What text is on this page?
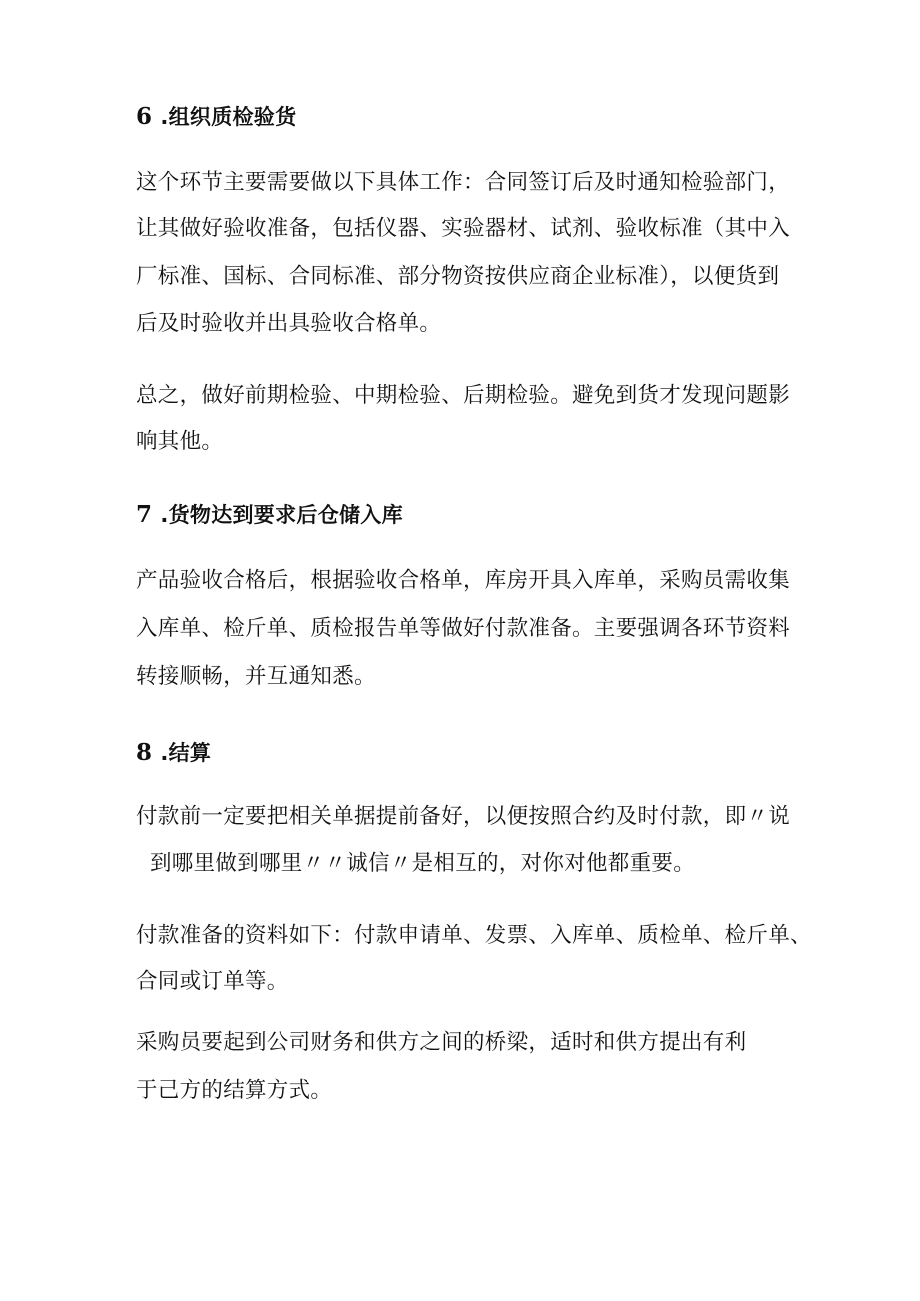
6 .组织质检验货
这个环节主要需要做以下具体工作：合同签订后及时通知检验部门，
让其做好验收准备，包括仪器、实验器材、试剂、验收标准（其中入
厂标准、国标、合同标准、部分物资按供应商企业标准），以便货到
后及时验收并出具验收合格单。
总之，做好前期检验、中期检验、后期检验。避免到货才发现问题影
响其他。
7 .货物达到要求后仓储入库
产品验收合格后，根据验收合格单，库房开具入库单，采购员需收集
入库单、检斤单、质检报告单等做好付款准备。主要强调各环节资料
转接顺畅，并互通知悉。
8 .结算
付款前一定要把相关单据提前备好，以便按照合约及时付款，即〃说
到哪里做到哪里〃〃诚信〃是相互的，对你对他都重要。
付款准备的资料如下：付款申请单、发票、入库单、质检单、检斤单、
合同或订单等。
采购员要起到公司财务和供方之间的桥梁，适时和供方提出有利
于己方的结算方式。
